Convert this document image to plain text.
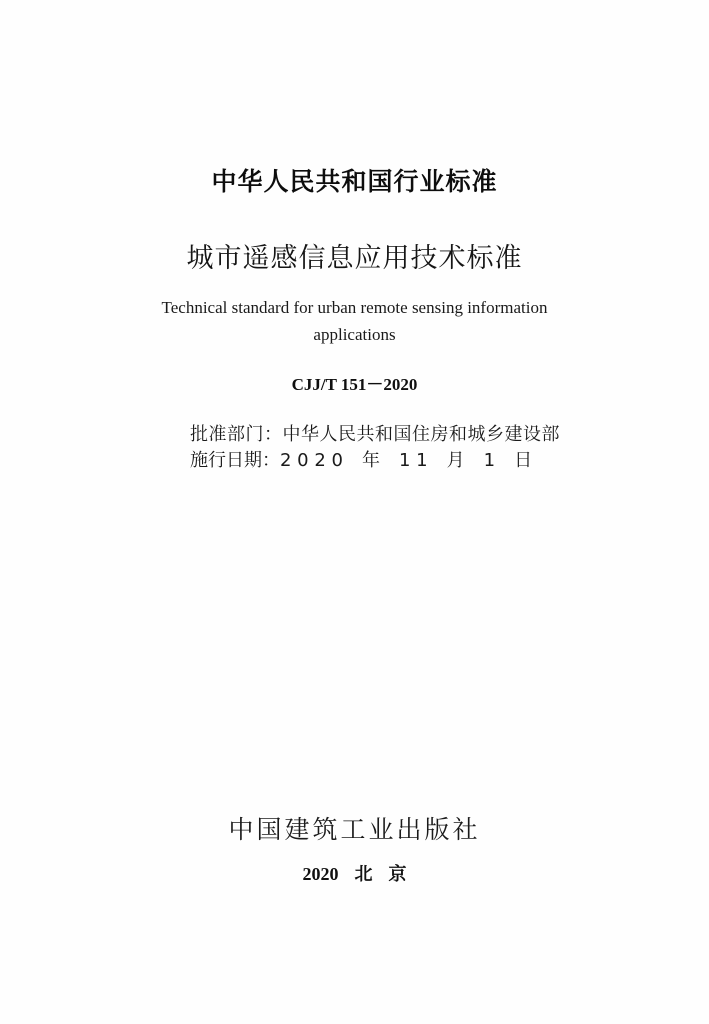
中华人民共和国行业标准
城市遥感信息应用技术标准
Technical standard for urban remote sensing information
applications
CJJ/T 151－2020
批准部门：中华人民共和国住房和城乡建设部
施行日期：2 0 2 0 年 1 1 月 1 日
中国建筑工业出版社
2020 北 京
